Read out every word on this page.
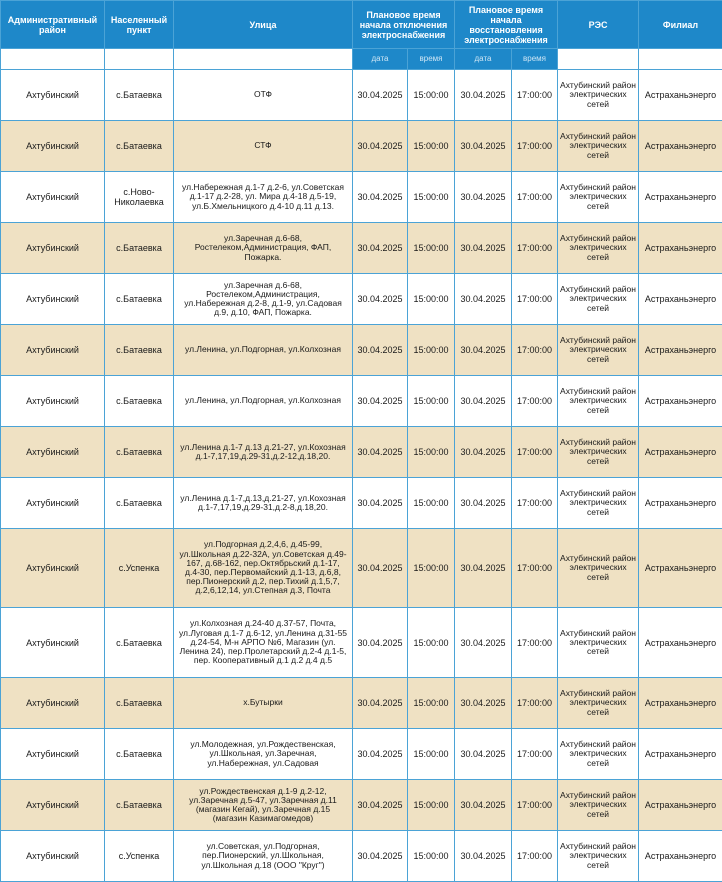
Административный район	Населенный пункт	Улица	Плановое время начала отключения электроснабжения		Плановое время начала восстановления электроснабжения		РЭС	Филиал
			дата	время	дата	время		
Ахтубинский	с.Батаевка	ОТФ	30.04.2025	15:00:00	30.04.2025	17:00:00	Ахтубинский район электрических сетей	Астраханьэнерго
Ахтубинский	с.Батаевка	СТФ	30.04.2025	15:00:00	30.04.2025	17:00:00	Ахтубинский район электрических сетей	Астраханьэнерго
Ахтубинский	с.Ново-Николаевка	ул.Набережная д.1-7 д.2-6, ул.Советская д.1-17 д.2-28, ул. Мира д.4-18 д.5-19, ул.Б.Хмельницкого д.4-10 д.11 д.13.	30.04.2025	15:00:00	30.04.2025	17:00:00	Ахтубинский район электрических сетей	Астраханьэнерго
Ахтубинский	с.Батаевка	ул.Заречная д.6-68, Ростелеком,Администрация, ФАП, Пожарка.	30.04.2025	15:00:00	30.04.2025	17:00:00	Ахтубинский район электрических сетей	Астраханьэнерго
Ахтубинский	с.Батаевка	ул.Заречная д.6-68, Ростелеком,Администрация, ул.Набережная д.2-8, д.1-9, ул.Садовая д.9, д.10, ФАП, Пожарка.	30.04.2025	15:00:00	30.04.2025	17:00:00	Ахтубинский район электрических сетей	Астраханьэнерго
Ахтубинский	с.Батаевка	ул.Ленина, ул.Подгорная, ул.Колхозная	30.04.2025	15:00:00	30.04.2025	17:00:00	Ахтубинский район электрических сетей	Астраханьэнерго
Ахтубинский	с.Батаевка	ул.Ленина, ул.Подгорная, ул.Колхозная	30.04.2025	15:00:00	30.04.2025	17:00:00	Ахтубинский район электрических сетей	Астраханьэнерго
Ахтубинский	с.Батаевка	ул.Ленина д.1-7 д.13 д.21-27, ул.Кохозная д.1-7,17,19,д.29-31,д.2-12,д.18,20.	30.04.2025	15:00:00	30.04.2025	17:00:00	Ахтубинский район электрических сетей	Астраханьэнерго
Ахтубинский	с.Батаевка	ул.Ленина д.1-7,д.13,д.21-27, ул.Кохозная д.1-7,17,19,д.29-31,д.2-8,д.18,20.	30.04.2025	15:00:00	30.04.2025	17:00:00	Ахтубинский район электрических сетей	Астраханьэнерго
Ахтубинский	с.Успенка	ул.Подгорная д.2,4,6, д.45-99, ул.Школьная д.22-32А, ул.Советская д.49-167, д.68-162, пер.Октябрьский д.1-17, д.4-30, пер.Первомайский д.1-13, д.6,8, пер.Пионерский д.2, пер.Тихий д.1,5,7, д.2,6,12,14, ул.Степная д.3, Почта	30.04.2025	15:00:00	30.04.2025	17:00:00	Ахтубинский район электрических сетей	Астраханьэнерго
Ахтубинский	с.Батаевка	ул.Колхозная д.24-40 д.37-57, Почта, ул.Луговая д.1-7 д.6-12, ул.Ленина д.31-55 д.24-54, М-н АРПО №6, Магазин (ул. Ленина 24), пер.Пролетарский д.2-4 д.1-5, пер. Кооперативный д.1 д.2 д.4 д.5	30.04.2025	15:00:00	30.04.2025	17:00:00	Ахтубинский район электрических сетей	Астраханьэнерго
Ахтубинский	с.Батаевка	х.Бутырки	30.04.2025	15:00:00	30.04.2025	17:00:00	Ахтубинский район электрических сетей	Астраханьэнерго
Ахтубинский	с.Батаевка	ул.Молодежная, ул.Рождественская, ул.Школьная, ул.Заречная, ул.Набережная, ул.Садовая	30.04.2025	15:00:00	30.04.2025	17:00:00	Ахтубинский район электрических сетей	Астраханьэнерго
Ахтубинский	с.Батаевка	ул.Рождественская д.1-9 д.2-12, ул.Заречная д.5-47, ул.Заречная д.11 (магазин Кегай), ул.Заречная д.15 (магазин Казимагомедов)	30.04.2025	15:00:00	30.04.2025	17:00:00	Ахтубинский район электрических сетей	Астраханьэнерго
Ахтубинский	с.Успенка	ул.Советская, ул.Подгорная, пер.Пионерский, ул.Школьная, ул.Школьная д.18 (ООО "Круг")	30.04.2025	15:00:00	30.04.2025	17:00:00	Ахтубинский район электрических сетей	Астраханьэнерго
